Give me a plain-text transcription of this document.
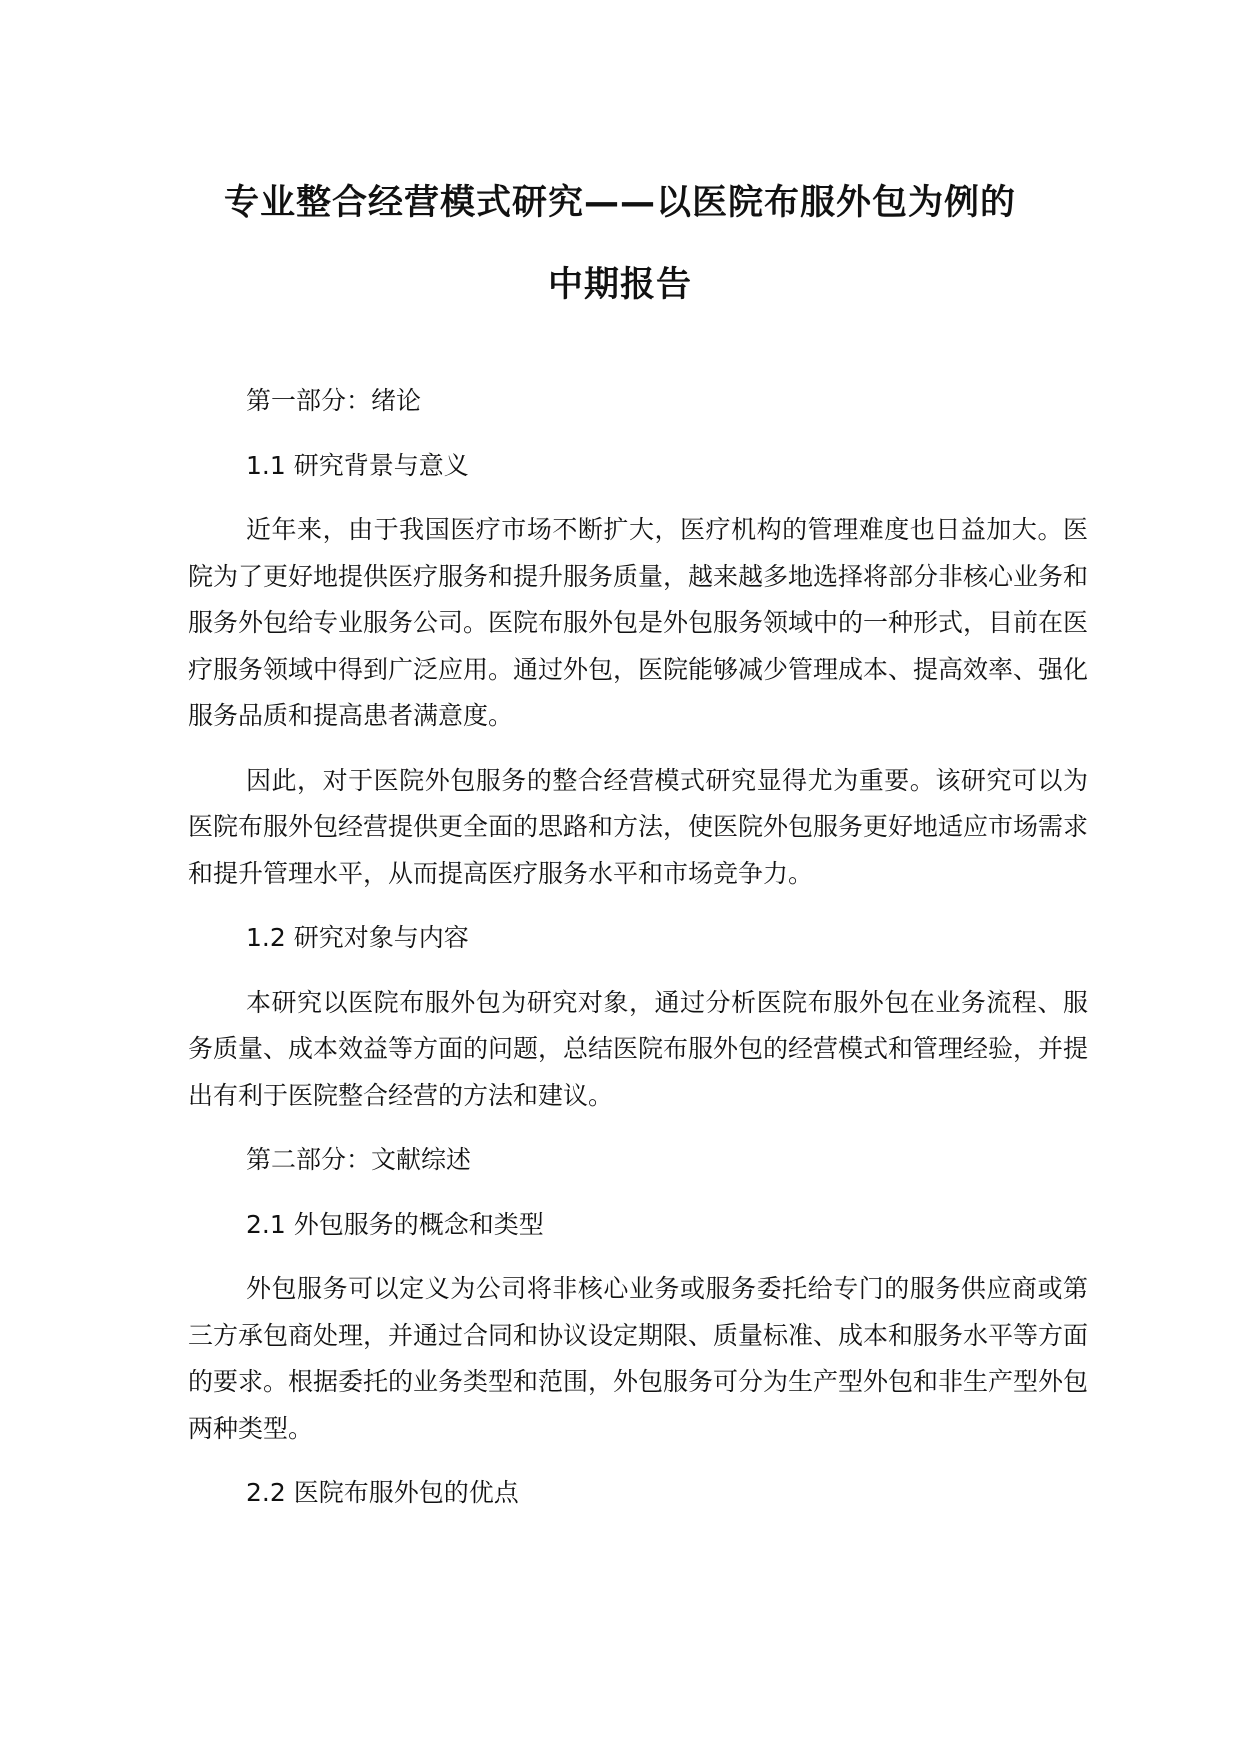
专业整合经营模式研究——以医院布服外包为例的
中期报告

第一部分：绪论

1.1 研究背景与意义

近年来，由于我国医疗市场不断扩大，医疗机构的管理难度也日益加大。医院为了更好地提供医疗服务和提升服务质量，越来越多地选择将部分非核心业务和服务外包给专业服务公司。医院布服外包是外包服务领域中的一种形式，目前在医疗服务领域中得到广泛应用。通过外包，医院能够减少管理成本、提高效率、强化服务品质和提高患者满意度。

因此，对于医院外包服务的整合经营模式研究显得尤为重要。该研究可以为医院布服外包经营提供更全面的思路和方法，使医院外包服务更好地适应市场需求和提升管理水平，从而提高医疗服务水平和市场竞争力。

1.2 研究对象与内容

本研究以医院布服外包为研究对象，通过分析医院布服外包在业务流程、服务质量、成本效益等方面的问题，总结医院布服外包的经营模式和管理经验，并提出有利于医院整合经营的方法和建议。

第二部分：文献综述

2.1 外包服务的概念和类型

外包服务可以定义为公司将非核心业务或服务委托给专门的服务供应商或第三方承包商处理，并通过合同和协议设定期限、质量标准、成本和服务水平等方面的要求。根据委托的业务类型和范围，外包服务可分为生产型外包和非生产型外包两种类型。

2.2 医院布服外包的优点
